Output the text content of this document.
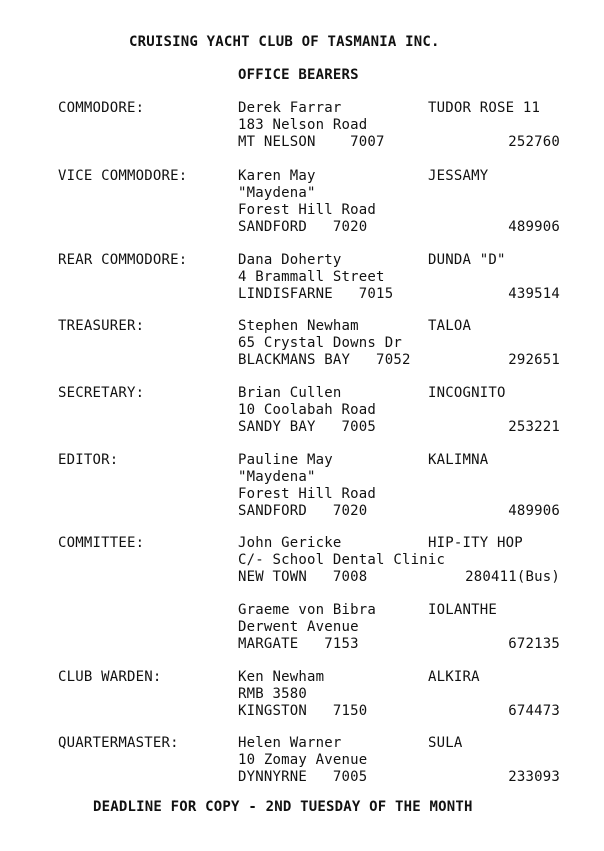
CRUISING YACHT CLUB OF TASMANIA INC.
OFFICE BEARERS
COMMODORE:	Derek Farrar	TUDOR ROSE 11
183 Nelson Road
MT NELSON    7007	252760
VICE COMMODORE:	Karen May	JESSAMY
"Maydena"
Forest Hill Road
SANDFORD   7020	489906
REAR COMMODORE:	Dana Doherty	DUNDA "D"
4 Brammall Street
LINDISFARNE   7015	439514
TREASURER:	Stephen Newham	TALOA
65 Crystal Downs Dr
BLACKMANS BAY   7052	292651
SECRETARY:	Brian Cullen	INCOGNITO
10 Coolabah Road
SANDY BAY   7005	253221
EDITOR:	Pauline May	KALIMNA
"Maydena"
Forest Hill Road
SANDFORD   7020	489906
COMMITTEE:	John Gericke	HIP-ITY HOP
C/- School Dental Clinic
NEW TOWN   7008	280411(Bus)
Graeme von Bibra	IOLANTHE
Derwent Avenue
MARGATE   7153	672135
CLUB WARDEN:	Ken Newham	ALKIRA
RMB 3580
KINGSTON   7150	674473
QUARTERMASTER:	Helen Warner	SULA
10 Zomay Avenue
DYNNYRNE   7005	233093
DEADLINE FOR COPY - 2ND TUESDAY OF THE MONTH
